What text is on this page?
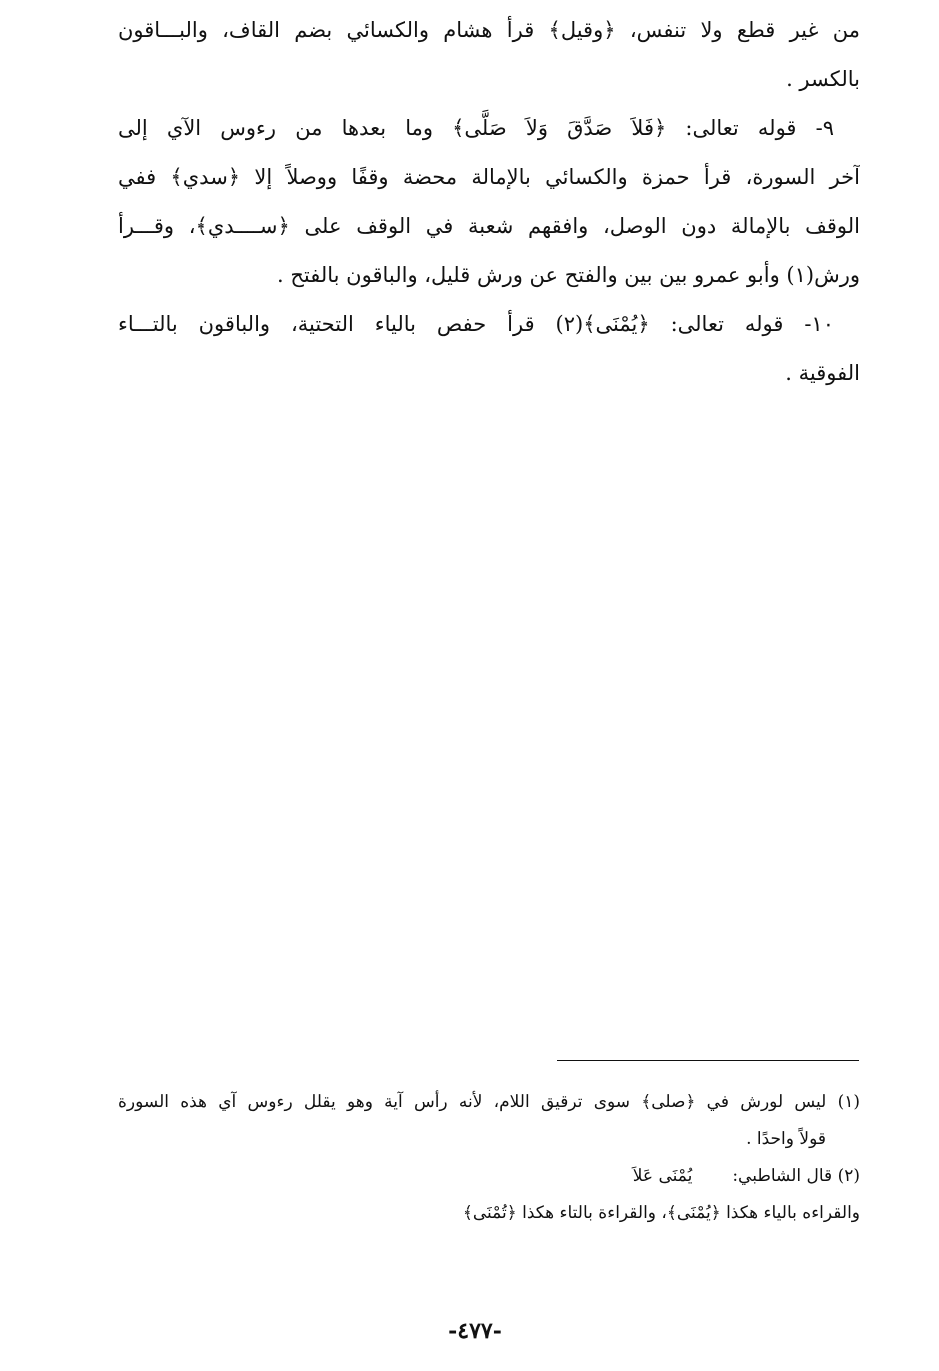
من غير قطع ولا تنفس، ﴿وقيل﴾ قرأ هشام والكسائي بضم القاف، والبـــاقون
بالكسر .
٩- قوله تعالى: ﴿فَلاَ صَدَّقَ وَلاَ صَلَّى﴾ وما بعدها من رءوس الآي إلى
آخر السورة، قرأ حمزة والكسائي بالإمالة محضة وقفًا ووصلاً إلا ﴿سدي﴾ ففي
الوقف بالإمالة دون الوصل، وافقهم شعبة في الوقف على ﴿ســــدي﴾، وقـــرأ
ورش(١) وأبو عمرو بين بين والفتح عن ورش قليل، والباقون بالفتح .
١٠- قوله تعالى: ﴿يُمْنَى﴾(٢) قرأ حفص بالياء التحتية، والباقون بالتـــاء
الفوقية .
(١) ليس لورش في ﴿صلى﴾ سوى ترقيق اللام، لأنه رأس آية وهو يقلل رءوس آي هذه السورة
قولاً واحدًا .
(٢) قال الشاطبي:يُمْنَى عَلاَ
والقراءه بالياء هكذا ﴿يُمْنَى﴾، والقراءة بالتاء هكذا ﴿تُمْنَى﴾
-٤٧٧-
